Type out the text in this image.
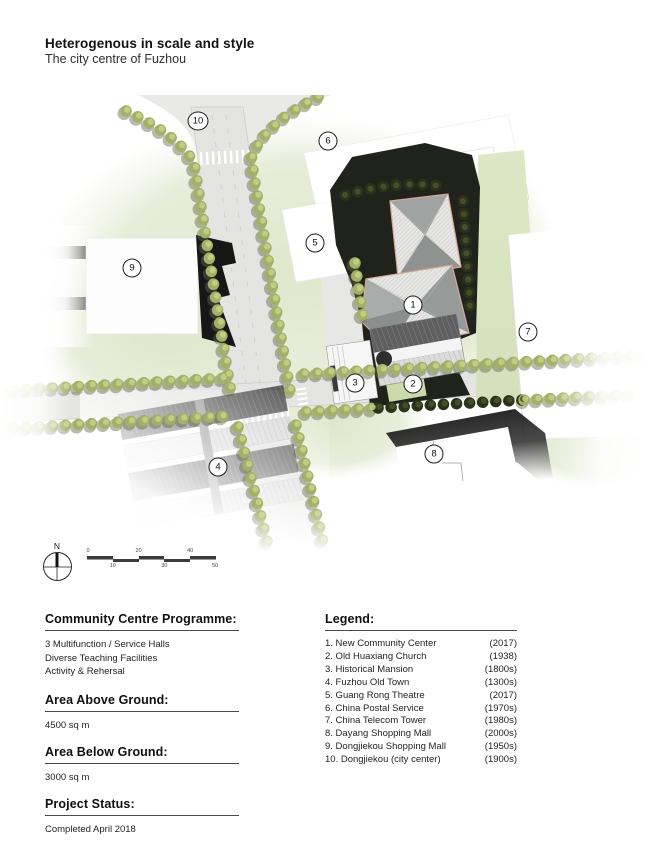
Heterogenous in scale and style
The city centre of Fuzhou
1
2
3
4
5
6
7
8
9
10
N	0
10
20
30
40
50
Community Centre Programme:
3 Multifunction / Service Halls
Diverse Teaching Facilities
Activity & Rehersal
Area Above Ground:
4500 sq m
Area Below Ground:
3000 sq m
Project Status:
Completed April 2018
Legend:
1. New Community Center	(2017)
2. Old Huaxiang Church	(1938)
3. Historical Mansion	(1800s)
4. Fuzhou Old Town	(1300s)
5. Guang Rong Theatre	(2017)
6. China Postal Service	(1970s)
7. China Telecom Tower	(1980s)
8. Dayang Shopping Mall	(2000s)
9. Dongjiekou Shopping Mall	(1950s)
10. Dongjiekou (city center)	(1900s)
